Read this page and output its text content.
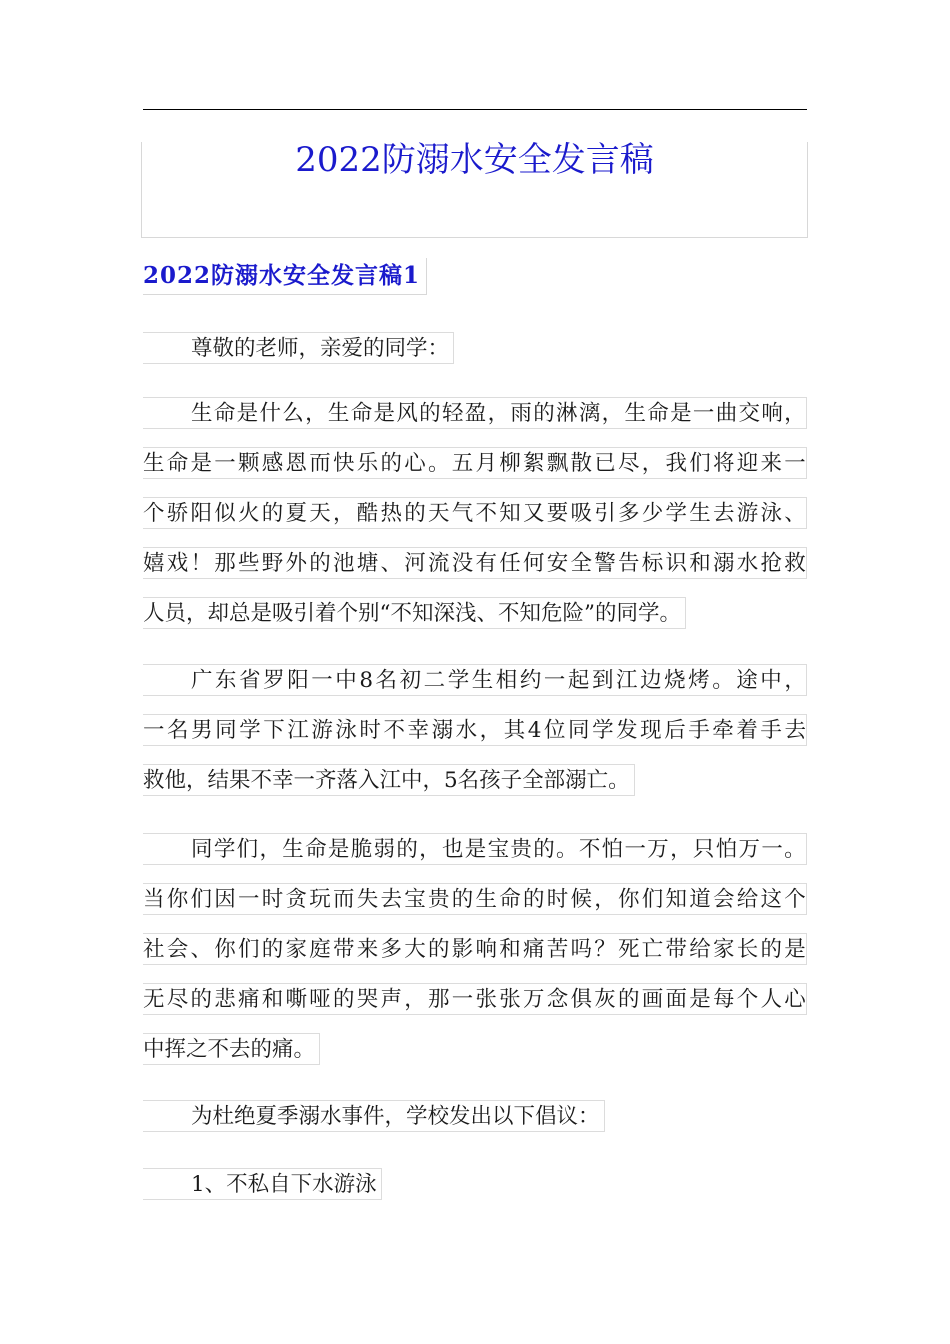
2022防溺水安全发言稿
2022防溺水安全发言稿1
尊敬的老师，亲爱的同学：
生 命 是 什 么 ， 生 命 是 风 的 轻 盈 ， 雨 的 淋 漓 ， 生 命 是 一 曲 交 响 ，
生 命 是 一 颗 感 恩 而 快 乐 的 心 。 五 月 柳 絮 飘 散 已 尽 ， 我 们 将 迎 来 一
个 骄 阳 似 火 的 夏 天 ， 酷 热 的 天 气 不 知 又 要 吸 引 多 少 学 生 去 游 泳 、
嬉 戏 ！ 那 些 野 外 的 池 塘 、 河 流 没 有 任 何 安 全 警 告 标 识 和 溺 水 抢 救
人员，却总是吸引着个别“不知深浅、不知危险”的同学。
广 东 省 罗 阳 一 中 8 名 初 二 学 生 相 约 一 起 到 江 边 烧 烤 。 途 中 ，
一 名 男 同 学 下 江 游 泳 时 不 幸 溺 水 ， 其 4 位 同 学 发 现 后 手 牵 着 手 去
救他，结果不幸一齐落入江中，5名孩子全部溺亡。
同 学 们 ， 生 命 是 脆 弱 的 ， 也 是 宝 贵 的 。 不 怕 一 万 ， 只 怕 万 一 。
当 你 们 因 一 时 贪 玩 而 失 去 宝 贵 的 生 命 的 时 候 ， 你 们 知 道 会 给 这 个
社 会 、 你 们 的 家 庭 带 来 多 大 的 影 响 和 痛 苦 吗 ？ 死 亡 带 给 家 长 的 是
无 尽 的 悲 痛 和 嘶 哑 的 哭 声 ， 那 一 张 张 万 念 俱 灰 的 画 面 是 每 个 人 心
中挥之不去的痛。
为杜绝夏季溺水事件，学校发出以下倡议：
1、不私自下水游泳
